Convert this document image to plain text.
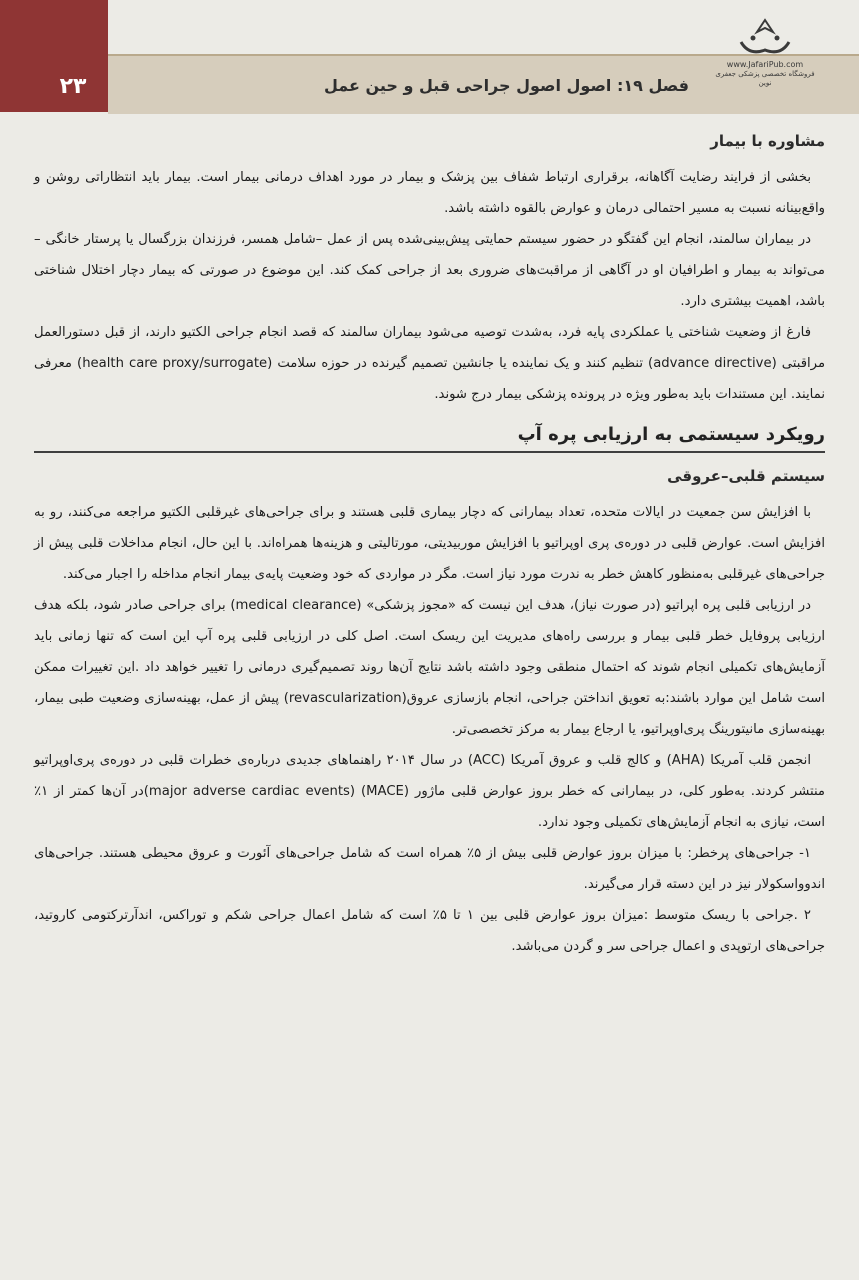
۲۳	فصل ۱۹: اصول اصول جراحی قبل و حین عمل
www.JafariPub.com
فروشگاه تخصصی پزشکی جعفری نوین
مشاوره با بیمار

بخشی از فرایند رضایت آگاهانه، برقراری ارتباط شفاف بین پزشک و بیمار در مورد اهداف درمانی بیمار است. بیمار باید انتظاراتی روشن و واقع‌بینانه نسبت به مسیر احتمالی درمان و عوارض بالقوه داشته باشد.

در بیماران سالمند، انجام این گفتگو در حضور سیستم حمایتی پیش‌بینی‌شده پس از عمل –شامل همسر، فرزندان بزرگسال یا پرستار خانگی –می‌تواند به بیمار و اطرافیان او در آگاهی از مراقبت‌های ضروری بعد از جراحی کمک کند. این موضوع در صورتی که بیمار دچار اختلال شناختی باشد، اهمیت بیشتری دارد.

فارغ از وضعیت شناختی یا عملکردی پایه فرد، به‌شدت توصیه می‌شود بیماران سالمند که قصد انجام جراحی الکتیو دارند، از قبل دستورالعمل مراقبتی (advance directive) تنظیم کنند و یک نماینده یا جانشین تصمیم گیرنده در حوزه سلامت (health care proxy/surrogate) معرفی نمایند. این مستندات باید به‌طور ویژه در پرونده پزشکی بیمار درج شوند.

رویکرد سیستمی به ارزیابی پره آپ
سیستم قلبی–عروقی

با افزایش سن جمعیت در ایالات متحده، تعداد بیمارانی که دچار بیماری قلبی هستند و برای جراحی‌های غیرقلبی الکتیو مراجعه می‌کنند، رو به افزایش است. عوارض قلبی در دوره‌ی پری اوپراتیو با افزایش موربیدیتی، مورتالیتی و هزینه‌ها همراه‌اند. با این حال، انجام مداخلات قلبی پیش از جراحی‌های غیرقلبی به‌منظور کاهش خطر به ندرت مورد نیاز است. مگر در مواردی که خود وضعیت پایه‌ی بیمار انجام مداخله را اجبار می‌کند.

در ارزیابی قلبی پره اپراتیو (در صورت نیاز)، هدف این نیست که «مجوز پزشکی» (medical clearance) برای جراحی صادر شود، بلکه هدف ارزیابی پروفایل خطر قلبی بیمار و بررسی راه‌های مدیریت این ریسک است. اصل کلی در ارزیابی قلبی پره آپ این است که تنها زمانی باید آزمایش‌های تکمیلی انجام شوند که احتمال منطقی وجود داشته باشد نتایج آن‌ها روند تصمیم‌گیری درمانی را تغییر خواهد داد .این تغییرات ممکن است شامل این موارد باشند:به تعویق انداختن جراحی، انجام بازسازی عروق(revascularization) پیش از عمل، بهینه‌سازی وضعیت طبی بیمار، بهینه‌سازی مانیتورینگ پری‌اوپراتیو، یا ارجاع بیمار به مرکز تخصصی‌تر.

انجمن قلب آمریکا (AHA) و کالج قلب و عروق آمریکا (ACC) در سال ۲۰۱۴ راهنماهای جدیدی درباره‌ی خطرات قلبی در دوره‌ی پری‌اوپراتیو منتشر کردند. به‌طور کلی، در بیمارانی که خطر بروز عوارض قلبی ماژور (major adverse cardiac events) (MACE)در آن‌ها کمتر از ۱٪ است، نیازی به انجام آزمایش‌های تکمیلی وجود ندارد.

۱- جراحی‌های پرخطر: با میزان بروز عوارض قلبی بیش از ۵٪ همراه است که شامل جراحی‌های آئورت و عروق محیطی هستند. جراحی‌های اندوواسکولار نیز در این دسته قرار می‌گیرند.

۲ .جراحی با ریسک متوسط :میزان بروز عوارض قلبی بین ۱ تا ۵٪ است که شامل اعمال جراحی شکم و توراکس، اندآرترکتومی کاروتید، جراحی‌های ارتوپدی و اعمال جراحی سر و گردن می‌باشد.
